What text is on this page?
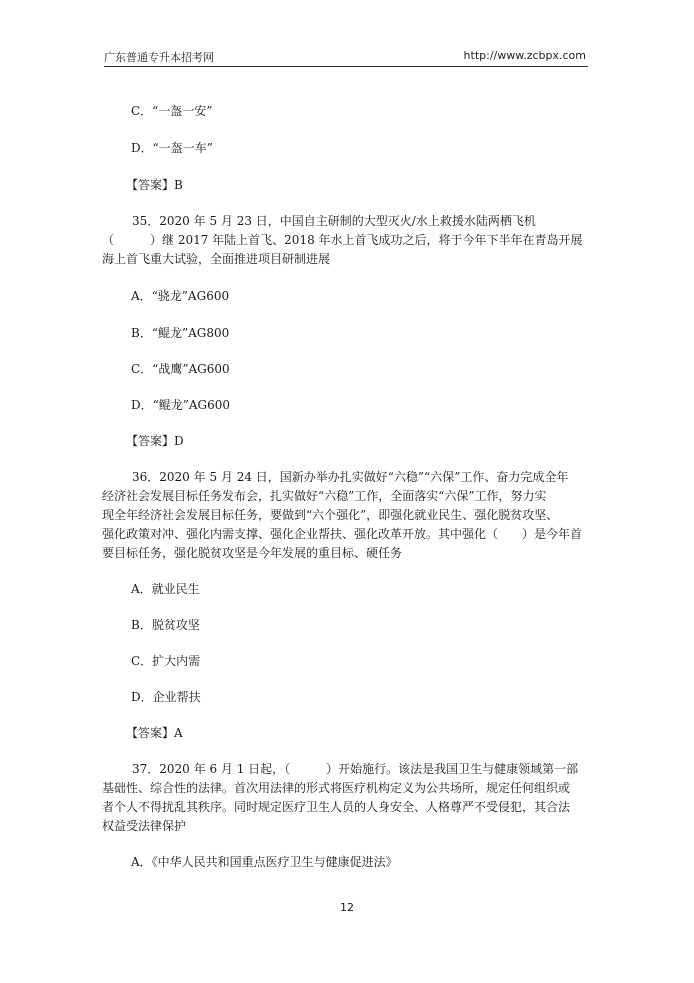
广东普通专升本招考网	http://www.zcbpx.com
C．“一盔一安”
D．“一盔一车”
【答案】B
35．2020 年 5 月 23 日，中国自主研制的大型灭火/水上救援水陆两栖飞机
（　　　）继 2017 年陆上首飞、2018 年水上首飞成功之后，将于今年下半年在青岛开展
海上首飞重大试验，全面推进项目研制进展
A．“骁龙”AG600
B．“鲲龙”AG800
C．“战鹰”AG600
D．“鲲龙”AG600
【答案】D
36．2020 年 5 月 24 日，国新办举办扎实做好“六稳”“六保”工作、奋力完成全年
经济社会发展目标任务发布会，扎实做好“六稳”工作，全面落实“六保”工作，努力实
现全年经济社会发展目标任务，要做到“六个强化”，即强化就业民生、强化脱贫攻坚、
强化政策对冲、强化内需支撑、强化企业帮扶、强化改革开放。其中强化（　　）是今年首
要目标任务，强化脱贫攻坚是今年发展的重目标、硬任务
A．就业民生
B．脱贫攻坚
C．扩大内需
D．企业帮扶
【答案】A
37．2020 年 6 月 1 日起，（　　　）开始施行。该法是我国卫生与健康领域第一部
基础性、综合性的法律。首次用法律的形式将医疗机构定义为公共场所，规定任何组织或
者个人不得扰乱其秩序。同时规定医疗卫生人员的人身安全、人格尊严不受侵犯，其合法
权益受法律保护
A．《中华人民共和国重点医疗卫生与健康促进法》
12
